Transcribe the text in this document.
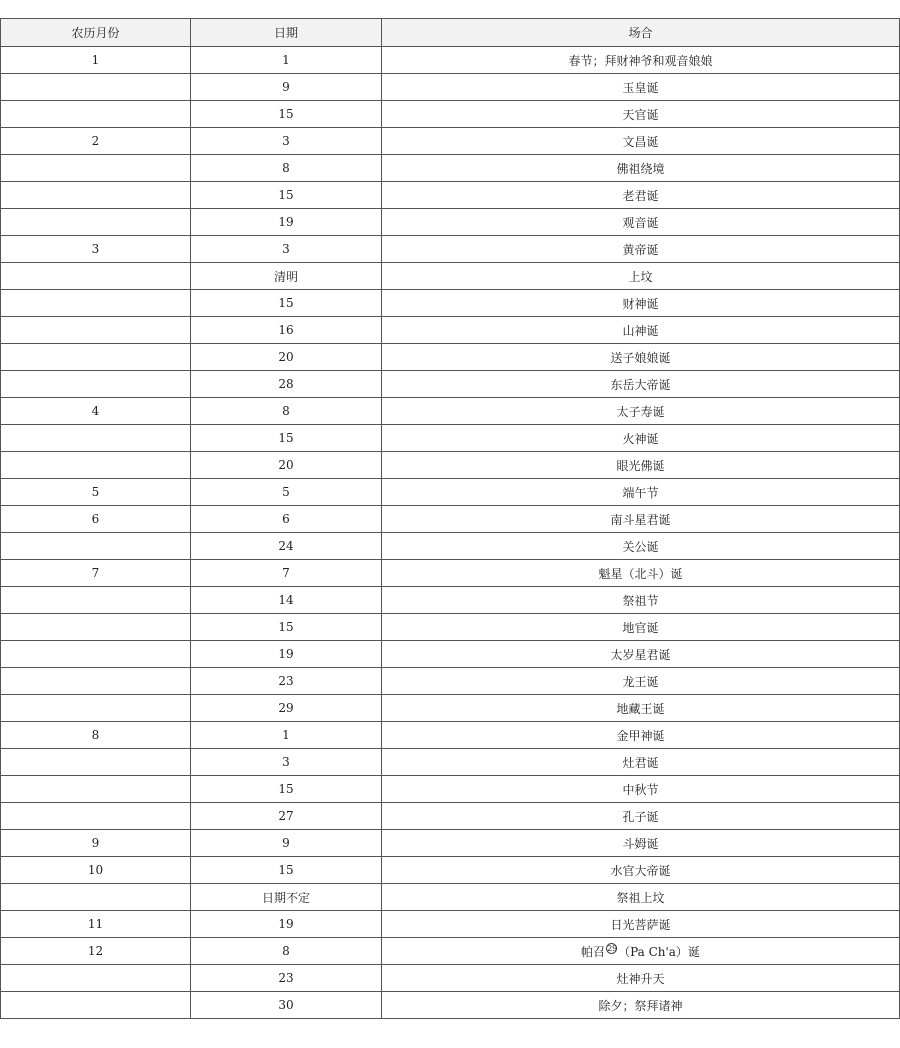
农历月份	日期	场合
1	1	春节；拜财神爷和观音娘娘
	9	玉皇诞
	15	天官诞
2	3	文昌诞
	8	佛祖绕境
	15	老君诞
	19	观音诞
3	3	黄帝诞
	清明	上坟
	15	财神诞
	16	山神诞
	20	送子娘娘诞
	28	东岳大帝诞
4	8	太子寿诞
	15	火神诞
	20	眼光佛诞
5	5	端午节
6	6	南斗星君诞
	24	关公诞
7	7	魁星（北斗）诞
	14	祭祖节
	15	地官诞
	19	太岁星君诞
	23	龙王诞
	29	地藏王诞
8	1	金甲神诞
	3	灶君诞
	15	中秋节
	27	孔子诞
9	9	斗姆诞
10	15	水官大帝诞
	日期不定	祭祖上坟
11	19	日光菩萨诞
12	8	帕召 29（Pa Ch'a）诞
	23	灶神升天
	30	除夕；祭拜诸神
